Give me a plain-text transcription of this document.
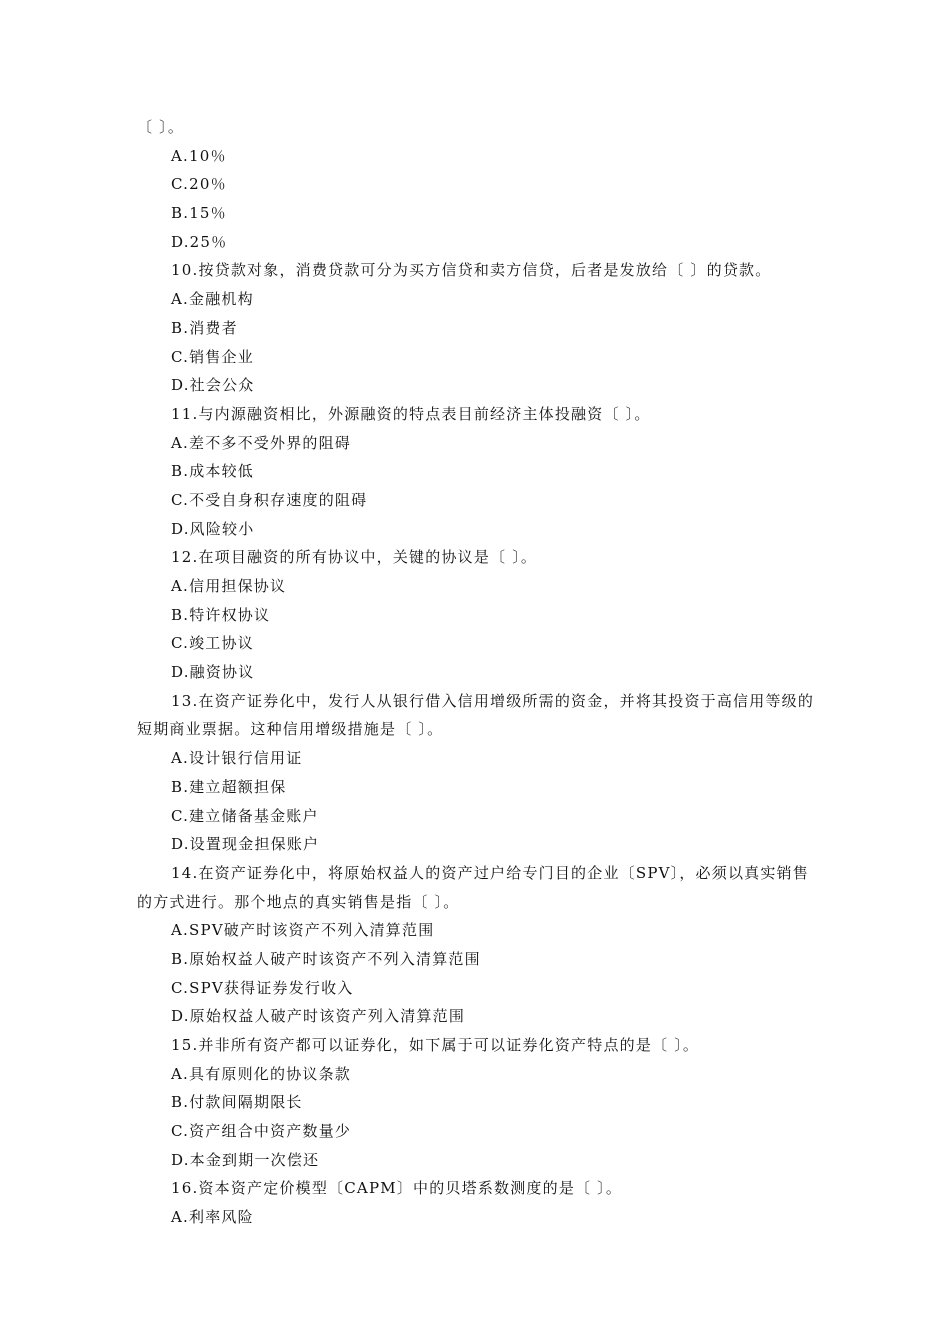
〔 〕。
A.10％
C.20％
B.15％
D.25％
10.按贷款对象，消费贷款可分为买方信贷和卖方信贷，后者是发放给〔 〕的贷款。
A.金融机构
B.消费者
C.销售企业
D.社会公众
11.与内源融资相比，外源融资的特点表目前经济主体投融资〔 〕。
A.差不多不受外界的阻碍
B.成本较低
C.不受自身积存速度的阻碍
D.风险较小
12.在项目融资的所有协议中，关键的协议是〔 〕。
A.信用担保协议
B.特许权协议
C.竣工协议
D.融资协议
13.在资产证券化中，发行人从银行借入信用增级所需的资金，并将其投资于高信用等级的
短期商业票据。这种信用增级措施是〔 〕。
A.设计银行信用证
B.建立超额担保
C.建立储备基金账户
D.设置现金担保账户
14.在资产证券化中，将原始权益人的资产过户给专门目的企业〔SPV〕，必须以真实销售
的方式进行。那个地点的真实销售是指〔 〕。
A.SPV破产时该资产不列入清算范围
B.原始权益人破产时该资产不列入清算范围
C.SPV获得证券发行收入
D.原始权益人破产时该资产列入清算范围
15.并非所有资产都可以证券化，如下属于可以证券化资产特点的是〔 〕。
A.具有原则化的协议条款
B.付款间隔期限长
C.资产组合中资产数量少
D.本金到期一次偿还
16.资本资产定价模型〔CAPM〕中的贝塔系数测度的是〔 〕。
A.利率风险
